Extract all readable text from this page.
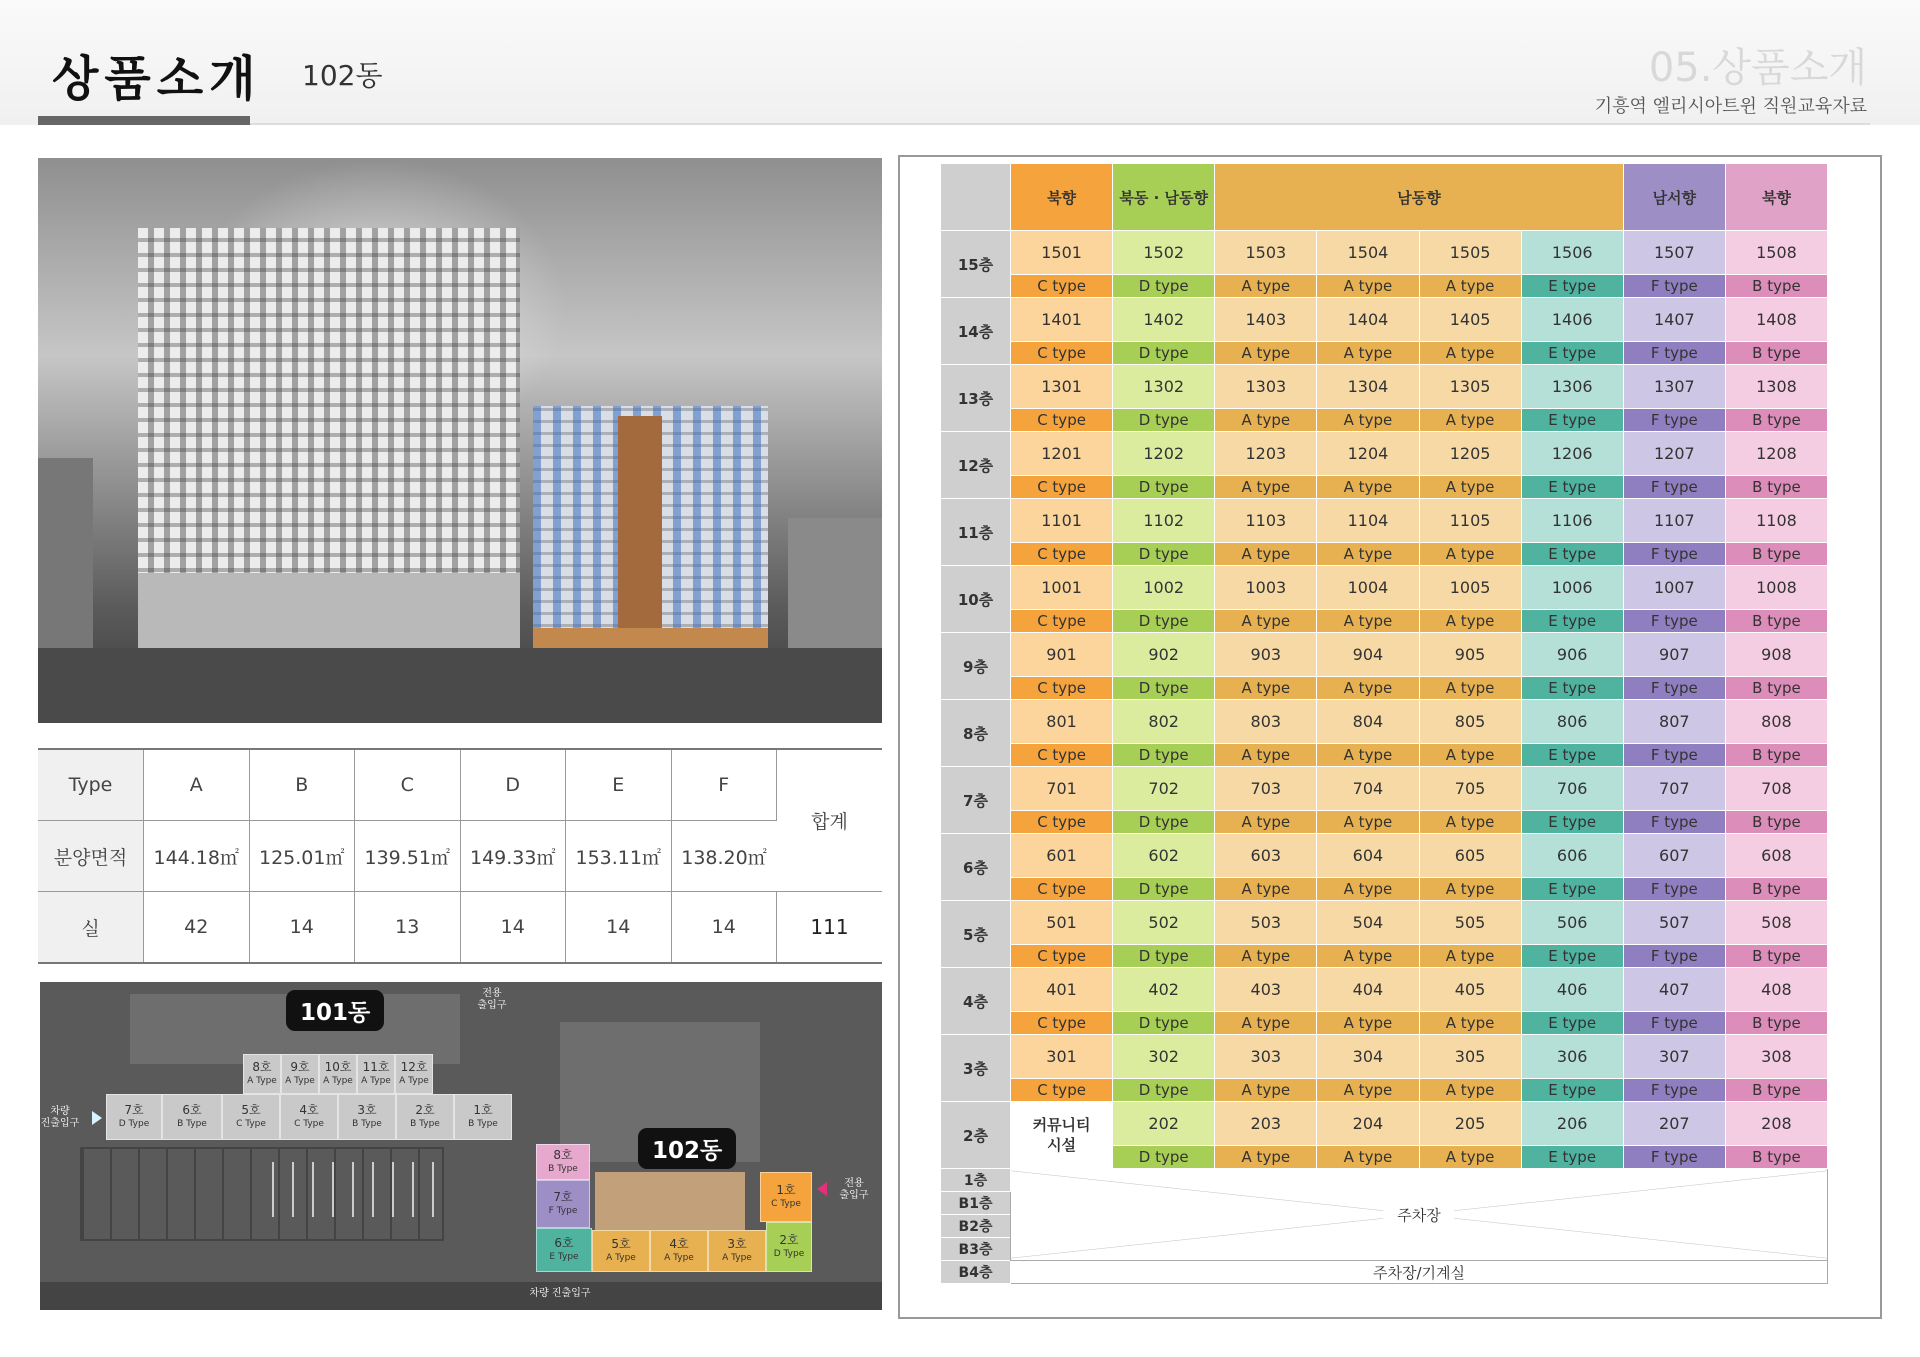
상품소개 102동	05.상품소개
기흥역 엘리시아트윈 직원교육자료
Type	A	B	C	D	E	F	합계
분양면적	144.18㎡	125.01㎡	139.51㎡	149.33㎡	153.11㎡	138.20㎡	
실	42	14	13	14	14	14	111
101동
102동
전용
출입구
차량
진출입구
전용
출입구
차량 진출입구
8호
A Type
9호
A Type
10호
A Type
11호
A Type
12호
A Type
7호
D Type
6호
B Type
5호
C Type
4호
C Type
3호
B Type
2호
B Type
1호
B Type
8호
B Type
7호
F Type
6호
E Type
5호
A Type
4호
A Type
3호
A Type
2호
D Type
1호
C Type
	북향	북동 · 남동향	남동향				남서향	북향
15층	1501	1502	1503	1504	1505	1506	1507	1508
	C type	D type	A type	A type	A type	E type	F type	B type
14층	1401	1402	1403	1404	1405	1406	1407	1408
	C type	D type	A type	A type	A type	E type	F type	B type
13층	1301	1302	1303	1304	1305	1306	1307	1308
	C type	D type	A type	A type	A type	E type	F type	B type
12층	1201	1202	1203	1204	1205	1206	1207	1208
	C type	D type	A type	A type	A type	E type	F type	B type
11층	1101	1102	1103	1104	1105	1106	1107	1108
	C type	D type	A type	A type	A type	E type	F type	B type
10층	1001	1002	1003	1004	1005	1006	1007	1008
	C type	D type	A type	A type	A type	E type	F type	B type
9층	901	902	903	904	905	906	907	908
	C type	D type	A type	A type	A type	E type	F type	B type
8층	801	802	803	804	805	806	807	808
	C type	D type	A type	A type	A type	E type	F type	B type
7층	701	702	703	704	705	706	707	708
	C type	D type	A type	A type	A type	E type	F type	B type
6층	601	602	603	604	605	606	607	608
	C type	D type	A type	A type	A type	E type	F type	B type
5층	501	502	503	504	505	506	507	508
	C type	D type	A type	A type	A type	E type	F type	B type
4층	401	402	403	404	405	406	407	408
	C type	D type	A type	A type	A type	E type	F type	B type
3층	301	302	303	304	305	306	307	308
	C type	D type	A type	A type	A type	E type	F type	B type
2층	커뮤니티
시설	202	203	204	205	206	207	208
		D type	A type	A type	A type	E type	F type	B type
1층	주차장							

B1층								
B2층								
B3층								
B4층	주차장/기계실							
